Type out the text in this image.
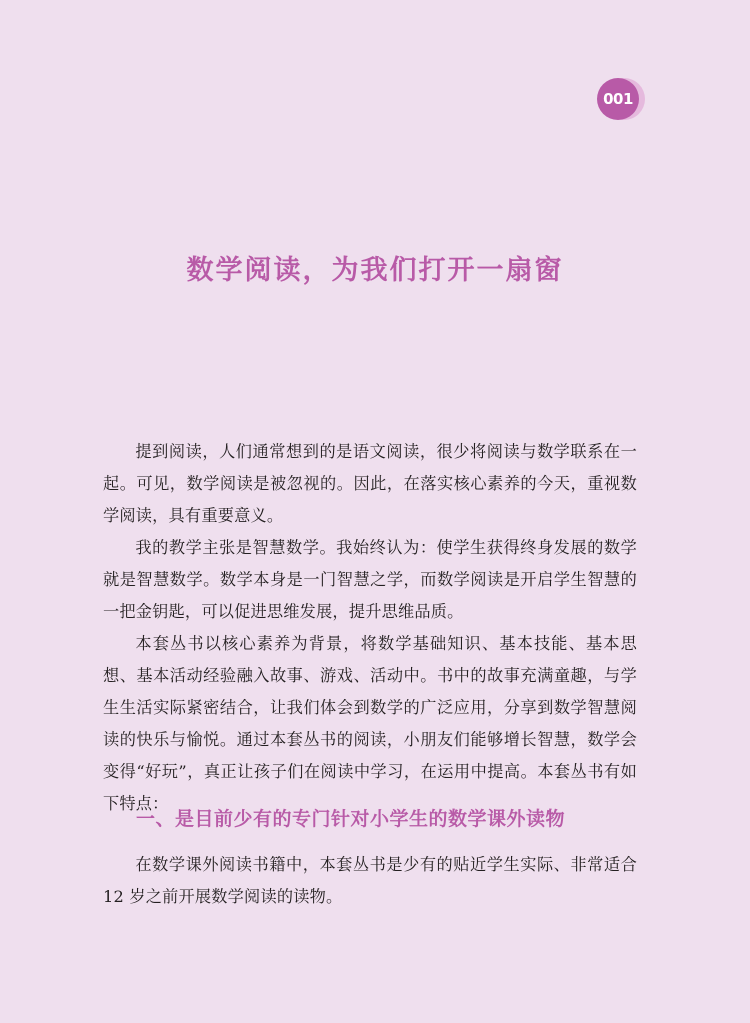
001
数学阅读，为我们打开一扇窗

提到阅读，人们通常想到的是语文阅读，很少将阅读与数学联系在一起。可见，数学阅读是被忽视的。因此，在落实核心素养的今天，重视数学阅读，具有重要意义。

我的教学主张是智慧数学。我始终认为：使学生获得终身发展的数学就是智慧数学。数学本身是一门智慧之学，而数学阅读是开启学生智慧的一把金钥匙，可以促进思维发展，提升思维品质。

本套丛书以核心素养为背景，将数学基础知识、基本技能、基本思想、基本活动经验融入故事、游戏、活动中。书中的故事充满童趣，与学生生活实际紧密结合，让我们体会到数学的广泛应用，分享到数学智慧阅读的快乐与愉悦。通过本套丛书的阅读，小朋友们能够增长智慧，数学会变得“好玩”，真正让孩子们在阅读中学习，在运用中提高。本套丛书有如下特点：

一、是目前少有的专门针对小学生的数学课外读物

在数学课外阅读书籍中，本套丛书是少有的贴近学生实际、非常适合12 岁之前开展数学阅读的读物。
